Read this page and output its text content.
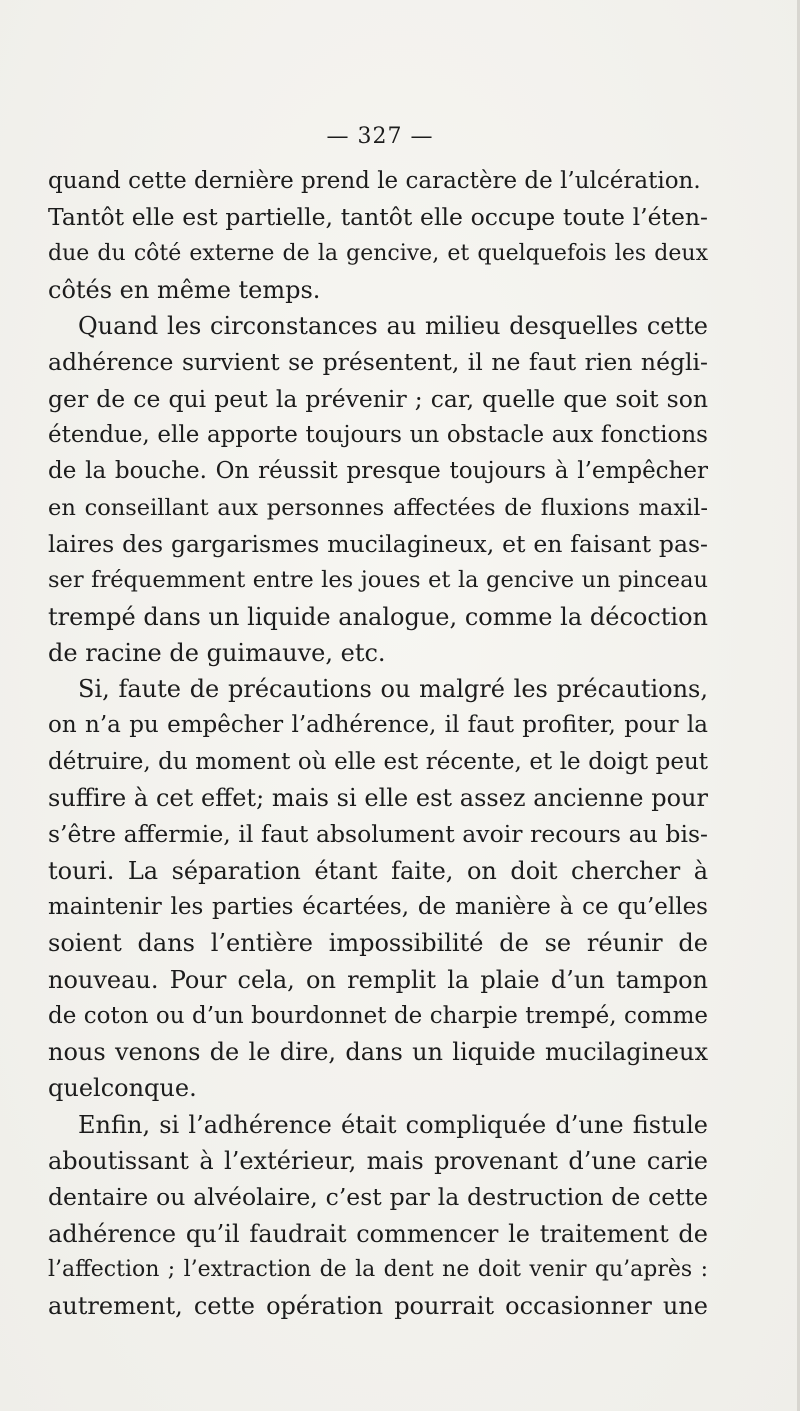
— 327 —
quand cette dernière prend le caractère de l’ulcération.
Tantôt elle est partielle, tantôt elle occupe toute l’éten-
due du côté externe de la gencive, et quelquefois les deux
côtés en même temps.
Quand les circonstances au milieu desquelles cette
adhérence survient se présentent, il ne faut rien négli-
ger de ce qui peut la prévenir ; car, quelle que soit son
étendue, elle apporte toujours un obstacle aux fonctions
de la bouche. On réussit presque toujours à l’empêcher
en conseillant aux personnes affectées de fluxions maxil-
laires des gargarismes mucilagineux, et en faisant pas-
ser fréquemment entre les joues et la gencive un pinceau
trempé dans un liquide analogue, comme la décoction
de racine de guimauve, etc.
Si, faute de précautions ou malgré les précautions,
on n’a pu empêcher l’adhérence, il faut profiter, pour la
détruire, du moment où elle est récente, et le doigt peut
suffire à cet effet; mais si elle est assez ancienne pour
s’être affermie, il faut absolument avoir recours au bis-
touri. La séparation étant faite, on doit chercher à
maintenir les parties écartées, de manière à ce qu’elles
soient dans l’entière impossibilité de se réunir de
nouveau. Pour cela, on remplit la plaie d’un tampon
de coton ou d’un bourdonnet de charpie trempé, comme
nous venons de le dire, dans un liquide mucilagineux
quelconque.
Enfin, si l’adhérence était compliquée d’une fistule
aboutissant à l’extérieur, mais provenant d’une carie
dentaire ou alvéolaire, c’est par la destruction de cette
adhérence qu’il faudrait commencer le traitement de
l’affection ; l’extraction de la dent ne doit venir qu’après :
autrement, cette opération pourrait occasionner une
